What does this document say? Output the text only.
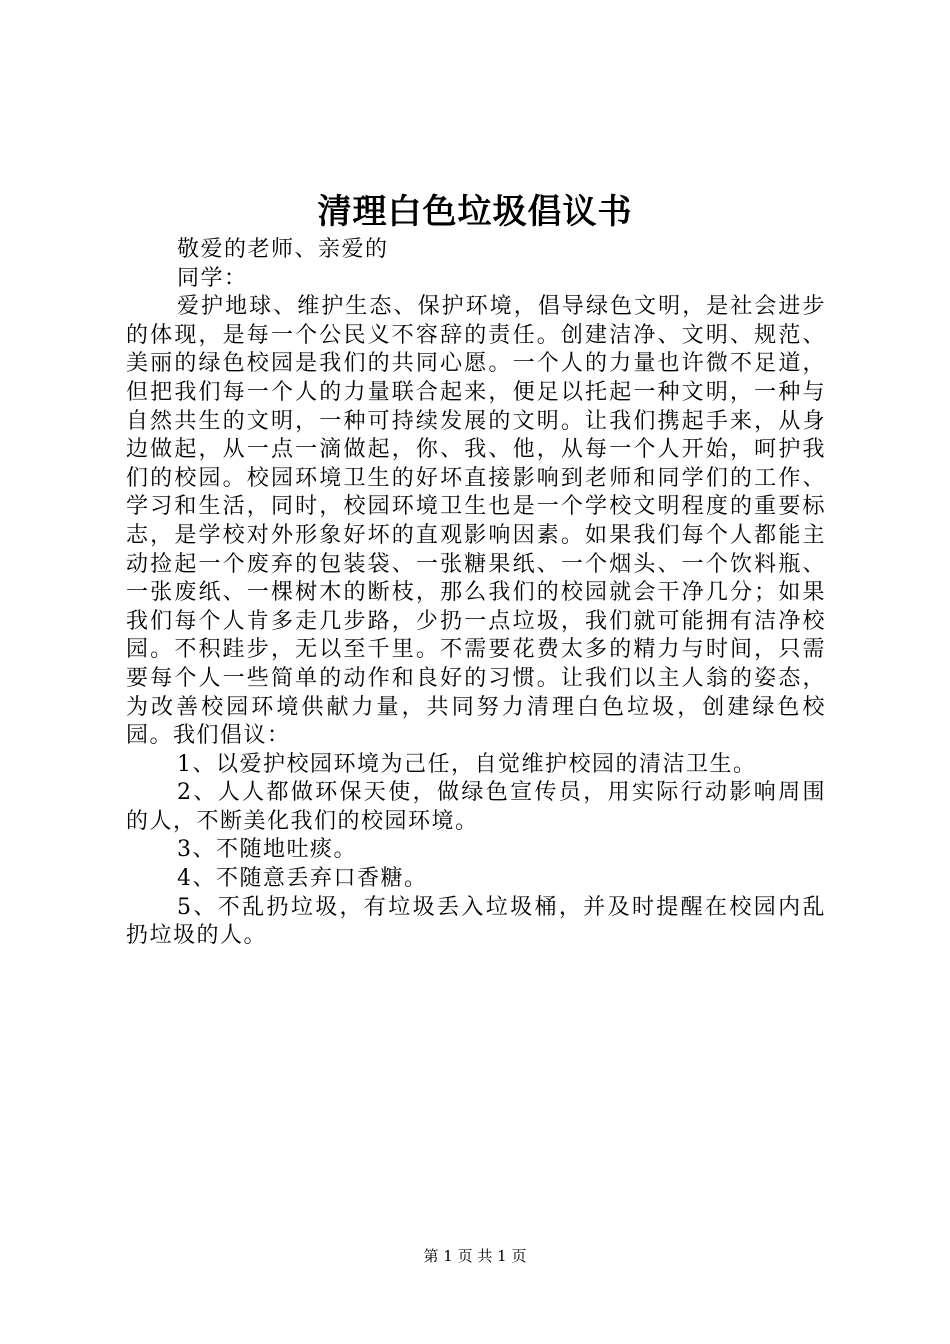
清理白色垃圾倡议书

敬爱的老师、亲爱的

同学：

爱护地球、维护生态、保护环境，倡导绿色文明，是社会进步的体现，是每一个公民义不容辞的责任。创建洁净、文明、规范、美丽的绿色校园是我们的共同心愿。一个人的力量也许微不足道，但把我们每一个人的力量联合起来，便足以托起一种文明，一种与自然共生的文明，一种可持续发展的文明。让我们携起手来，从身边做起，从一点一滴做起，你、我、他，从每一个人开始，呵护我们的校园。校园环境卫生的好坏直接影响到老师和同学们的工作、学习和生活，同时，校园环境卫生也是一个学校文明程度的重要标志，是学校对外形象好坏的直观影响因素。如果我们每个人都能主动捡起一个废弃的包装袋、一张糖果纸、一个烟头、一个饮料瓶、一张废纸、一棵树木的断枝，那么我们的校园就会干净几分；如果我们每个人肯多走几步路，少扔一点垃圾，我们就可能拥有洁净校园。不积跬步，无以至千里。不需要花费太多的精力与时间，只需要每个人一些简单的动作和良好的习惯。让我们以主人翁的姿态，为改善校园环境供献力量，共同努力清理白色垃圾，创建绿色校园。我们倡议：

1、以爱护校园环境为己任，自觉维护校园的清洁卫生。

2、人人都做环保天使，做绿色宣传员，用实际行动影响周围的人，不断美化我们的校园环境。

3、不随地吐痰。

4、不随意丢弃口香糖。

5、不乱扔垃圾，有垃圾丢入垃圾桶，并及时提醒在校园内乱扔垃圾的人。

第 1 页 共 1 页
